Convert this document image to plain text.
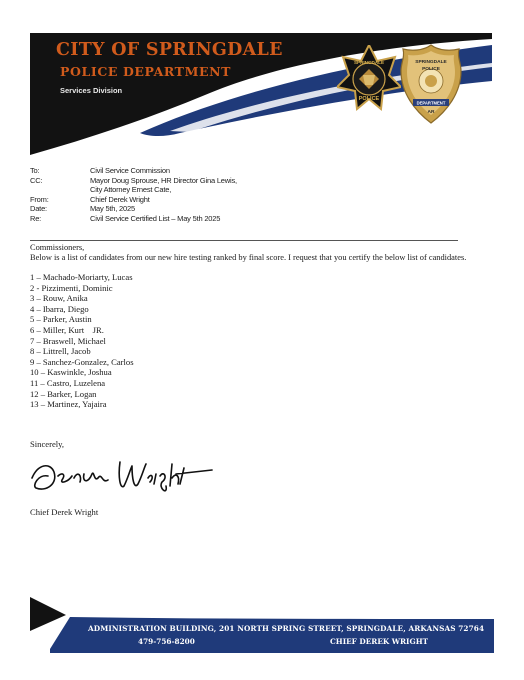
CITY OF SPRINGDALE
POLICE DEPARTMENT
Services Division
SPRINGDALE
POLICE
SPRINGDALE
POLICE
DEPARTMENT
AR
To:	Civil Service Commission
CC:	Mayor Doug Sprouse, HR Director Gina Lewis,
City Attorney Ernest Cate,
From:	Chief Derek Wright
Date:	May 5th, 2025
Re:	Civil Service Certified List – May 5th 2025

Commissioners,

Below is a list of candidates from our new hire testing ranked by final score. I request that you certify the below list of candidates.

1 – Machado-Moriarty, Lucas
2 - Pizzimenti, Dominic
3 – Rouw, Anika
4 – Ibarra, Diego
5 – Parker, Austin
6 – Miller, Kurt    JR.
7 – Braswell, Michael
8 – Littrell, Jacob
9 – Sanchez-Gonzalez, Carlos
10 – Kaswinkle, Joshua
11 – Castro, Luzelena
12 – Barker, Logan
13 – Martinez, Yajaira
Sincerely,
Chief Derek Wright
ADMINISTRATION BUILDING, 201 NORTH SPRING STREET, SPRINGDALE, ARKANSAS 72764
479-756-8200	CHIEF DEREK WRIGHT
